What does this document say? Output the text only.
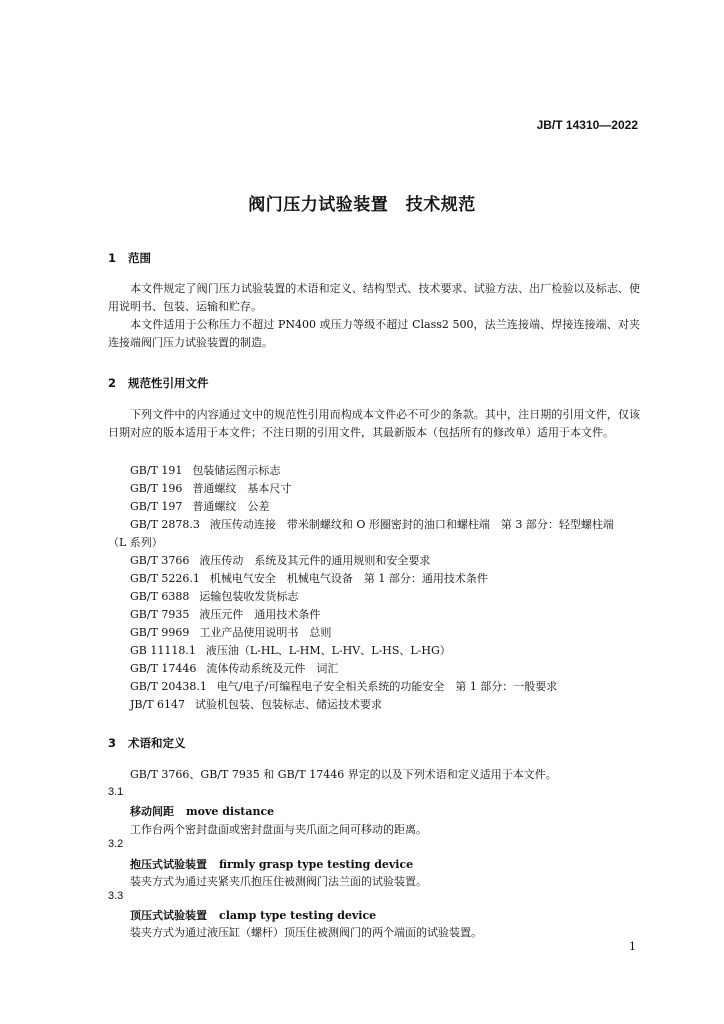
JB/T 14310—2022
阀门压力试验装置　技术规范
1 范围
本文件规定了阀门压力试验装置的术语和定义、结构型式、技术要求、试验方法、出厂检验以及标志、使用说明书、包装、运输和贮存。
本文件适用于公称压力不超过 PN400 或压力等级不超过 Class2 500，法兰连接端、焊接连接端、对夹连接端阀门压力试验装置的制造。
2 规范性引用文件
下列文件中的内容通过文中的规范性引用而构成本文件必不可少的条款。其中，注日期的引用文件，仅该日期对应的版本适用于本文件；不注日期的引用文件，其最新版本（包括所有的修改单）适用于本文件。
GB/T 191 包装储运图示标志
GB/T 196 普通螺纹　基本尺寸
GB/T 197 普通螺纹　公差
GB/T 2878.3 液压传动连接　带米制螺纹和 O 形圈密封的油口和螺柱端　第 3 部分：轻型螺柱端
（L 系列）
GB/T 3766 液压传动　系统及其元件的通用规则和安全要求
GB/T 5226.1 机械电气安全　机械电气设备　第 1 部分：通用技术条件
GB/T 6388 运输包装收发货标志
GB/T 7935 液压元件　通用技术条件
GB/T 9969 工业产品使用说明书　总则
GB 11118.1 液压油（L-HL、L-HM、L-HV、L-HS、L-HG）
GB/T 17446 流体传动系统及元件　词汇
GB/T 20438.1 电气/电子/可编程电子安全相关系统的功能安全　第 1 部分：一般要求
JB/T 6147 试验机包装、包装标志、储运技术要求
3 术语和定义
GB/T 3766、GB/T 7935 和 GB/T 17446 界定的以及下列术语和定义适用于本文件。
3.1
移动间距 move distance
工作台两个密封盘面或密封盘面与夹爪面之间可移动的距离。
3.2
抱压式试验装置 firmly grasp type testing device
装夹方式为通过夹紧夹爪抱压住被测阀门法兰面的试验装置。
3.3
顶压式试验装置 clamp type testing device
装夹方式为通过液压缸（螺杆）顶压住被测阀门的两个端面的试验装置。
1
